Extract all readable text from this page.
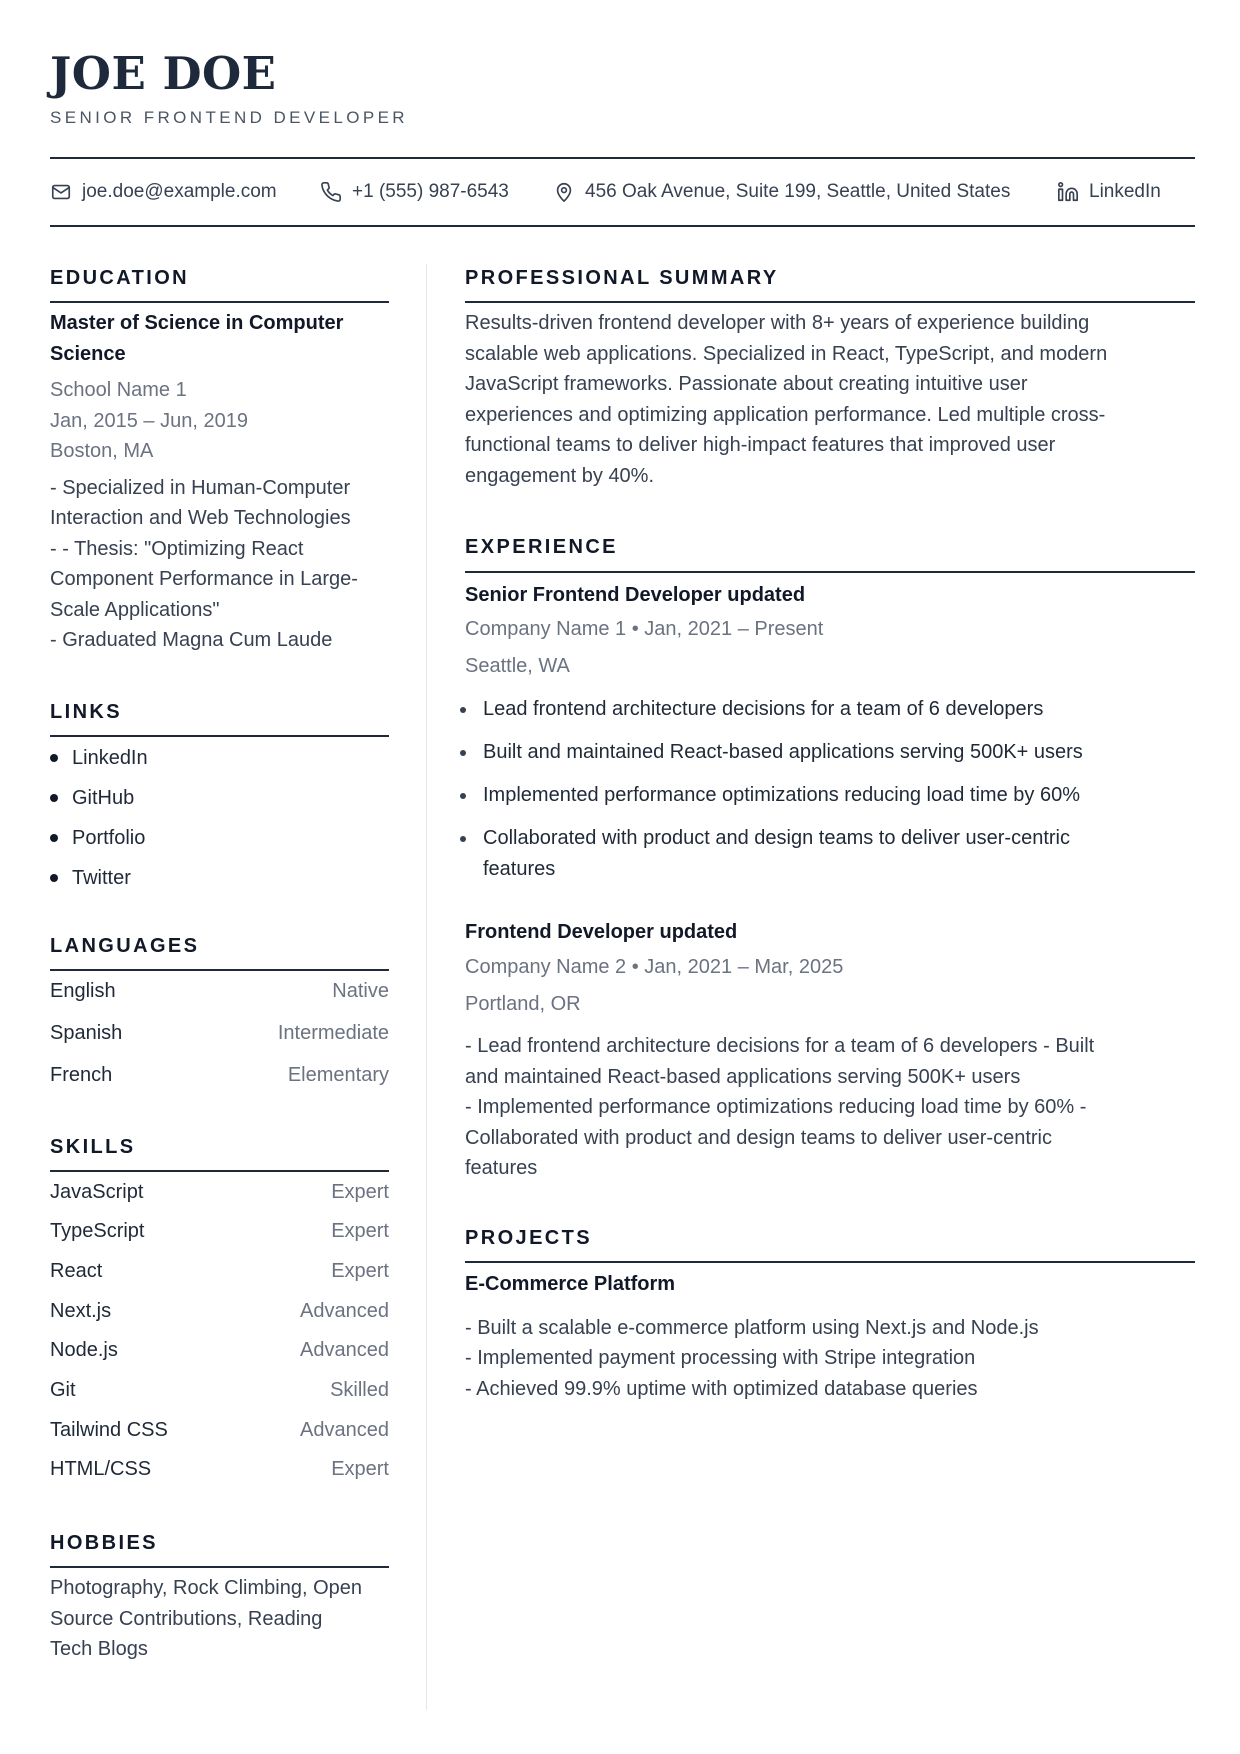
JOE DOE
SENIOR FRONTEND DEVELOPER
joe.doe@example.com	+1 (555) 987-6543	456 Oak Avenue, Suite 199, Seattle, United States	LinkedIn
EDUCATION
Master of Science in Computer
Science
School Name 1
Jan, 2015 – Jun, 2019
Boston, MA
- Specialized in Human-Computer
Interaction and Web Technologies
- - Thesis: "Optimizing React
Component Performance in Large-
Scale Applications"
- Graduated Magna Cum Laude
LINKS
LinkedIn
GitHub
Portfolio
Twitter
LANGUAGES
English	Native
Spanish	Intermediate
French	Elementary
SKILLS
JavaScript	Expert
TypeScript	Expert
React	Expert
Next.js	Advanced
Node.js	Advanced
Git	Skilled
Tailwind CSS	Advanced
HTML/CSS	Expert
HOBBIES
Photography, Rock Climbing, Open
Source Contributions, Reading
Tech Blogs
PROFESSIONAL SUMMARY
Results-driven frontend developer with 8+ years of experience building
scalable web applications. Specialized in React, TypeScript, and modern
JavaScript frameworks. Passionate about creating intuitive user
experiences and optimizing application performance. Led multiple cross-
functional teams to deliver high-impact features that improved user
engagement by 40%.
EXPERIENCE
Senior Frontend Developer updated
Company Name 1 • Jan, 2021 – Present
Seattle, WA
Lead frontend architecture decisions for a team of 6 developers
Built and maintained React-based applications serving 500K+ users
Implemented performance optimizations reducing load time by 60%
Collaborated with product and design teams to deliver user-centric
features
Frontend Developer updated
Company Name 2 • Jan, 2021 – Mar, 2025
Portland, OR
- Lead frontend architecture decisions for a team of 6 developers - Built
and maintained React-based applications serving 500K+ users
- Implemented performance optimizations reducing load time by 60% -
Collaborated with product and design teams to deliver user-centric
features
PROJECTS
E-Commerce Platform
- Built a scalable e-commerce platform using Next.js and Node.js
- Implemented payment processing with Stripe integration
- Achieved 99.9% uptime with optimized database queries
